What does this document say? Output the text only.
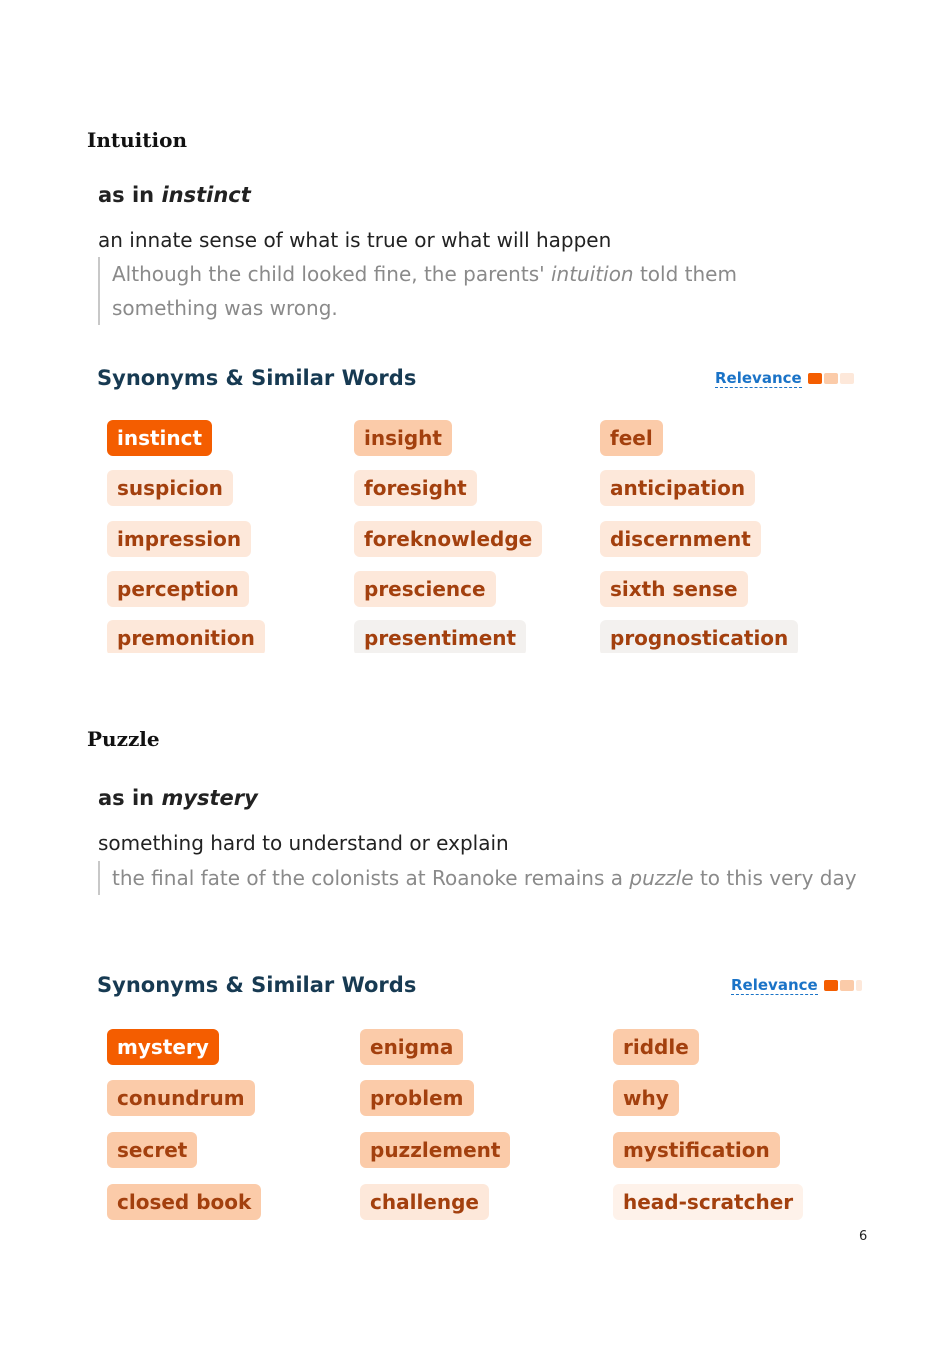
Intuition

as in instinct

an innate sense of what is true or what will happen

Although the child looked fine, the parents' intuition told them something was wrong.
Synonyms & Similar Words	Relevance
instinct	insight	feel
suspicion	foresight	anticipation
impression	foreknowledge	discernment
perception	prescience	sixth sense
premonition	presentiment	prognostication
Puzzle

as in mystery

something hard to understand or explain

the final fate of the colonists at Roanoke remains a puzzle to this very day
Synonyms & Similar Words	Relevance
mystery	enigma	riddle
conundrum	problem	why
secret	puzzlement	mystification
closed book	challenge	head-scratcher
6
